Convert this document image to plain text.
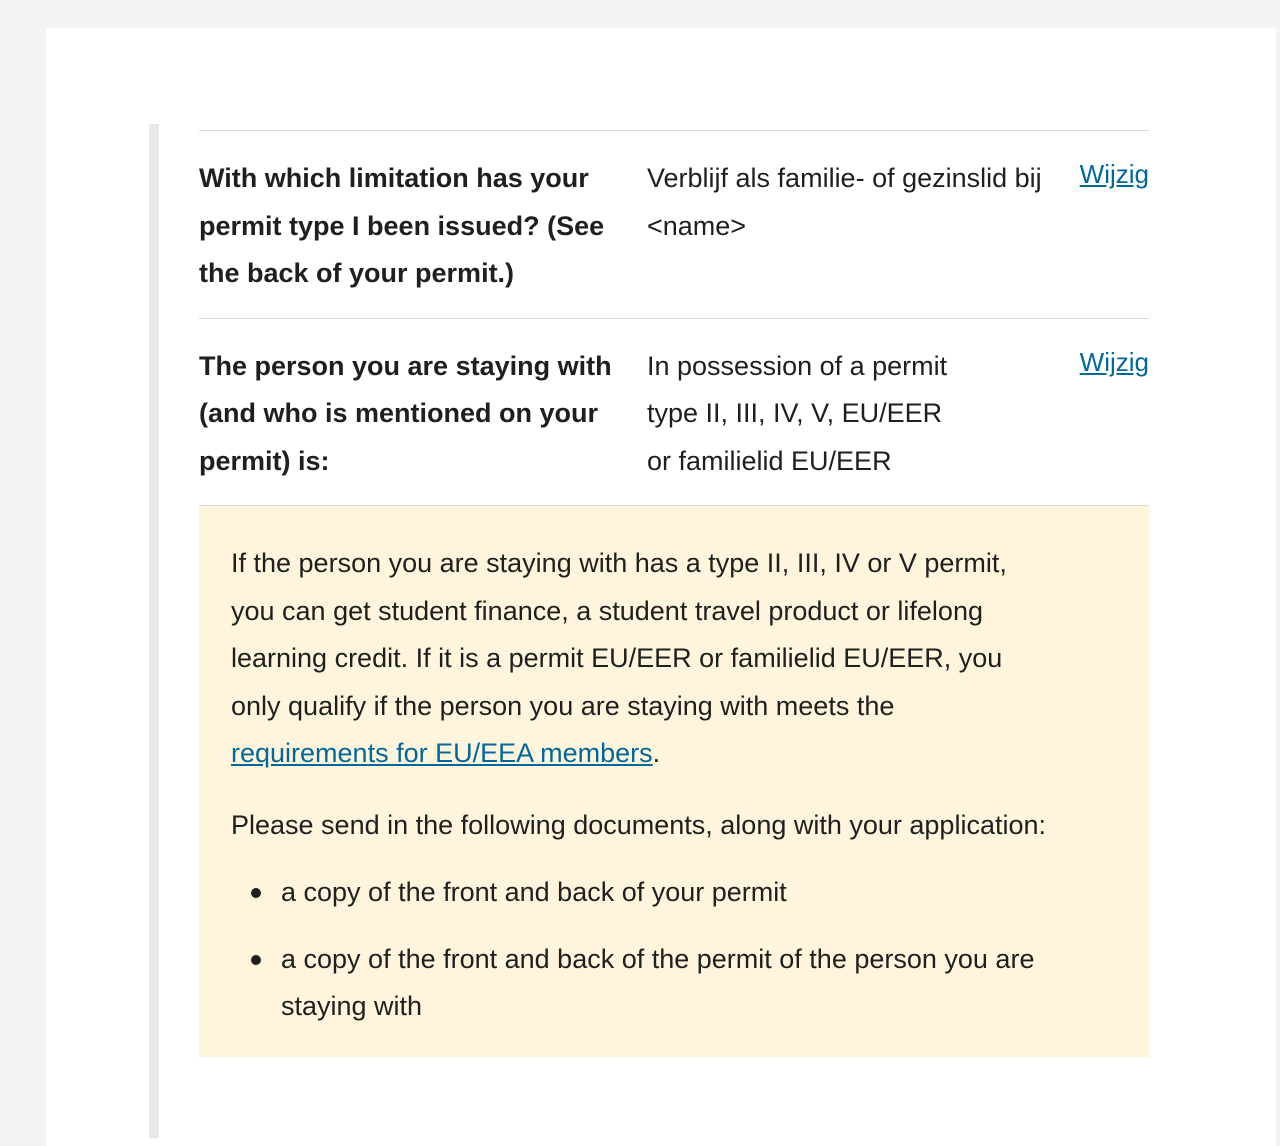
With which limitation has your permit type I been issued? (See the back of your permit.)
Verblijf als familie- of gezinslid bij <name>
Wijzig
The person you are staying with (and who is mentioned on your permit) is:
In possession of a permit
type II, III, IV, V, EU/EER
or familielid EU/EER
Wijzig

If the person you are staying with has a type II, III, IV or V permit, you can get student finance, a student travel product or lifelong learning credit. If it is a permit EU/EER or familielid EU/EER, you only qualify if the person you are staying with meets the requirements for EU/EEA members.

Please send in the following documents, along with your application:

a copy of the front and back of your permit
a copy of the front and back of the permit of the person you are staying with
